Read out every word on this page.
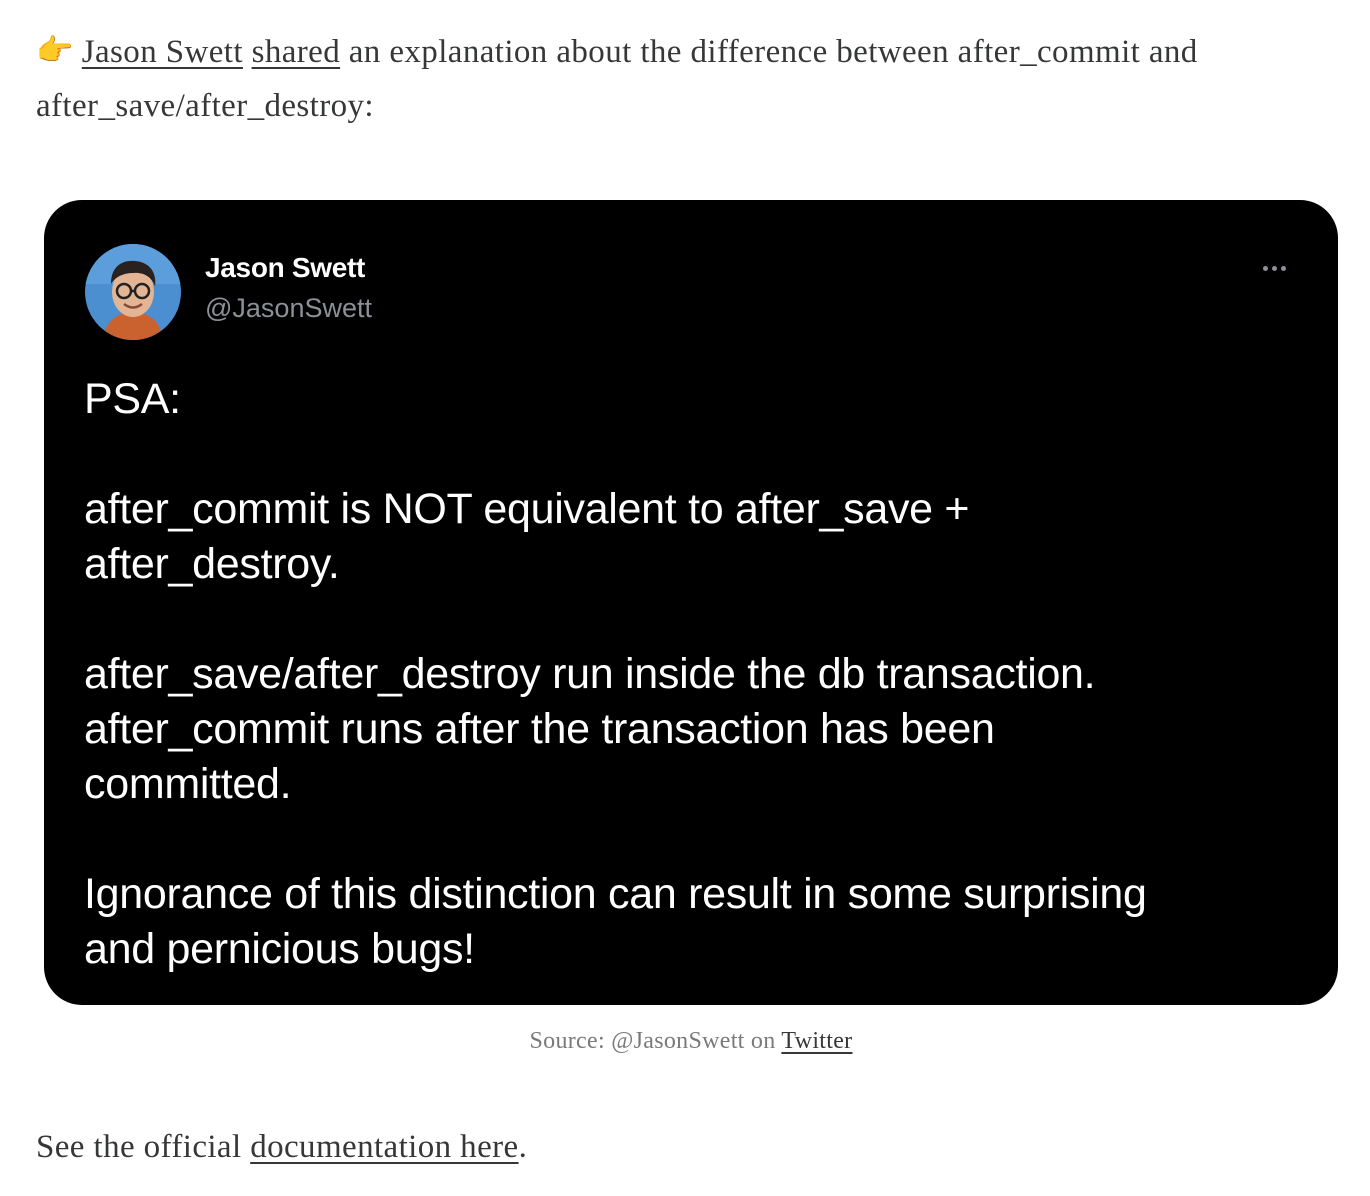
👉 Jason Swett shared an explanation about the difference between after_commit and after_save/after_destroy:

Jason Swett
@JasonSwett

PSA:

after_commit is NOT equivalent to after_save +

after_destroy.

after_save/after_destroy run inside the db transaction.

after_commit runs after the transaction has been

committed.

Ignorance of this distinction can result in some surprising

and pernicious bugs!

Source: @JasonSwett on Twitter

See the official documentation here.
